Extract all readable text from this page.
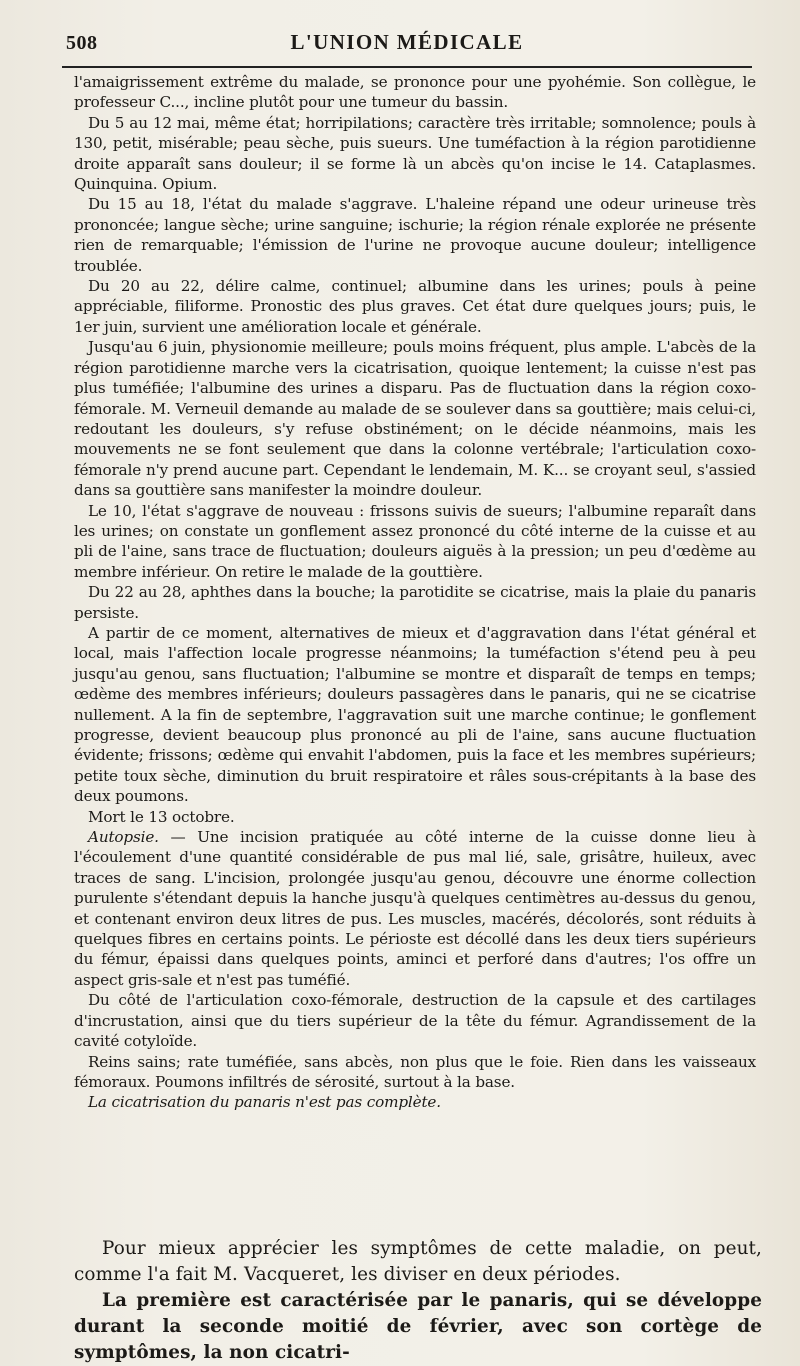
508	L'UNION MÉDICALE

l'amaigrissement extrême du malade, se prononce pour une pyohémie. Son collègue, le professeur C..., incline plutôt pour une tumeur du bassin.

Du 5 au 12 mai, même état; horripilations; caractère très irritable; somnolence; pouls à 130, petit, misérable; peau sèche, puis sueurs. Une tuméfaction à la région parotidienne droite apparaît sans douleur; il se forme là un abcès qu'on incise le 14. Cataplasmes. Quinquina. Opium.

Du 15 au 18, l'état du malade s'aggrave. L'haleine répand une odeur urineuse très prononcée; langue sèche; urine sanguine; ischurie; la région rénale explorée ne présente rien de remarquable; l'émission de l'urine ne provoque aucune douleur; intelligence troublée.

Du 20 au 22, délire calme, continuel; albumine dans les urines; pouls à peine appréciable, filiforme. Pronostic des plus graves. Cet état dure quelques jours; puis, le 1er juin, survient une amélioration locale et générale.

Jusqu'au 6 juin, physionomie meilleure; pouls moins fréquent, plus ample. L'abcès de la région parotidienne marche vers la cicatrisation, quoique lentement; la cuisse n'est pas plus tuméfiée; l'albumine des urines a disparu. Pas de fluctuation dans la région coxo-fémorale. M. Verneuil demande au malade de se soulever dans sa gouttière; mais celui-ci, redoutant les douleurs, s'y refuse obstinément; on le décide néanmoins, mais les mouvements ne se font seulement que dans la colonne vertébrale; l'articulation coxo-fémorale n'y prend aucune part. Cependant le lendemain, M. K... se croyant seul, s'assied dans sa gouttière sans manifester la moindre douleur.

Le 10, l'état s'aggrave de nouveau : frissons suivis de sueurs; l'albumine reparaît dans les urines; on constate un gonflement assez prononcé du côté interne de la cuisse et au pli de l'aine, sans trace de fluctuation; douleurs aiguës à la pression; un peu d'œdème au membre inférieur. On retire le malade de la gouttière.

Du 22 au 28, aphthes dans la bouche; la parotidite se cicatrise, mais la plaie du panaris persiste.

A partir de ce moment, alternatives de mieux et d'aggravation dans l'état général et local, mais l'affection locale progresse néanmoins; la tuméfaction s'étend peu à peu jusqu'au genou, sans fluctuation; l'albumine se montre et disparaît de temps en temps; œdème des membres inférieurs; douleurs passagères dans le panaris, qui ne se cicatrise nullement. A la fin de septembre, l'aggravation suit une marche continue; le gonflement progresse, devient beaucoup plus prononcé au pli de l'aine, sans aucune fluctuation évidente; frissons; œdème qui envahit l'abdomen, puis la face et les membres supérieurs; petite toux sèche, diminution du bruit respiratoire et râles sous-crépitants à la base des deux poumons.

Mort le 13 octobre.

Autopsie. — Une incision pratiquée au côté interne de la cuisse donne lieu à l'écoulement d'une quantité considérable de pus mal lié, sale, grisâtre, huileux, avec traces de sang. L'incision, prolongée jusqu'au genou, découvre une énorme collection purulente s'étendant depuis la hanche jusqu'à quelques centimètres au-dessus du genou, et contenant environ deux litres de pus. Les muscles, macérés, décolorés, sont réduits à quelques fibres en certains points. Le périoste est décollé dans les deux tiers supérieurs du fémur, épaissi dans quelques points, aminci et perforé dans d'autres; l'os offre un aspect gris-sale et n'est pas tuméfié.

Du côté de l'articulation coxo-fémorale, destruction de la capsule et des cartilages d'incrustation, ainsi que du tiers supérieur de la tête du fémur. Agrandissement de la cavité cotyloïde.

Reins sains; rate tuméfiée, sans abcès, non plus que le foie. Rien dans les vaisseaux fémoraux. Poumons infiltrés de sérosité, surtout à la base.

La cicatrisation du panaris n'est pas complète.

Pour mieux apprécier les symptômes de cette maladie, on peut, comme l'a fait M. Vacqueret, les diviser en deux périodes.

La première est caractérisée par le panaris, qui se développe durant la seconde moitié de février, avec son cortège de symptômes, la non cicatri-
